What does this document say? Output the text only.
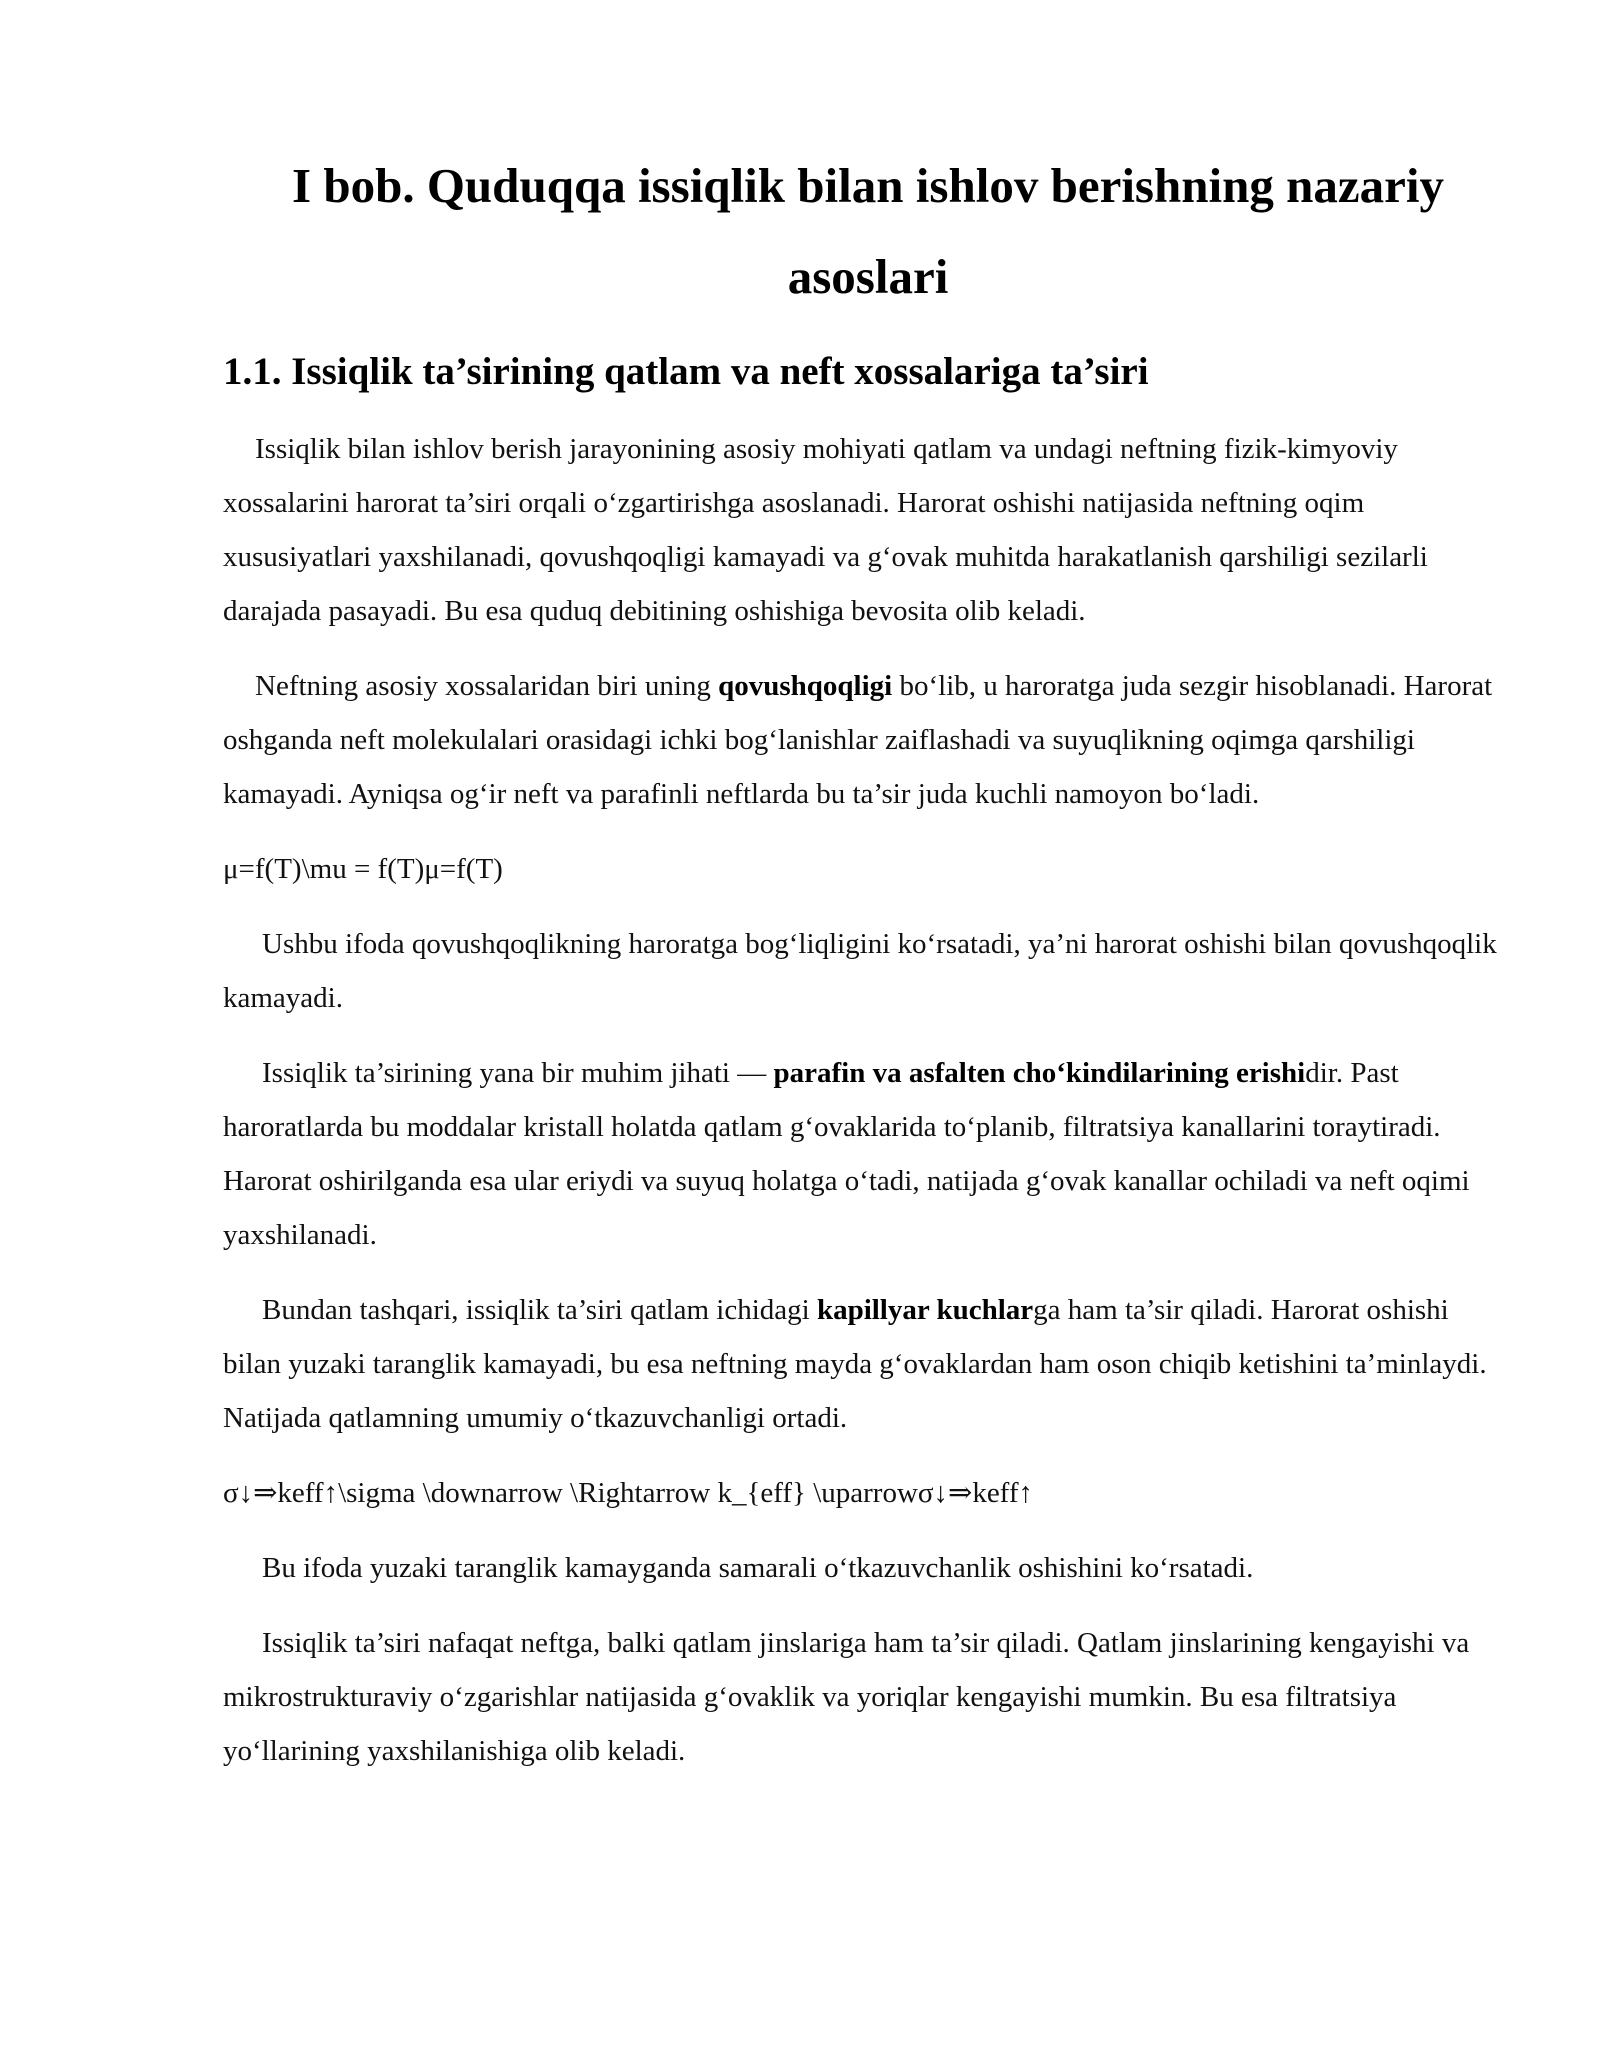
I bob. Quduqqa issiqlik bilan ishlov berishning nazariy asoslari
1.1. Issiqlik ta’sirining qatlam va neft xossalariga ta’siri

Issiqlik bilan ishlov berish jarayonining asosiy mohiyati qatlam va undagi neftning fizik-kimyoviy xossalarini harorat ta’siri orqali o‘zgartirishga asoslanadi. Harorat oshishi natijasida neftning oqim xususiyatlari yaxshilanadi, qovushqoqligi kamayadi va g‘ovak muhitda harakatlanish qarshiligi sezilarli darajada pasayadi. Bu esa quduq debitining oshishiga bevosita olib keladi.

Neftning asosiy xossalaridan biri uning qovushqoqligi bo‘lib, u haroratga juda sezgir hisoblanadi. Harorat oshganda neft molekulalari orasidagi ichki bog‘lanishlar zaiflashadi va suyuqlikning oqimga qarshiligi kamayadi. Ayniqsa og‘ir neft va parafinli neftlarda bu ta’sir juda kuchli namoyon bo‘ladi.

μ=f(T)\mu = f(T)μ=f(T)

Ushbu ifoda qovushqoqlikning haroratga bog‘liqligini ko‘rsatadi, ya’ni harorat oshishi bilan qovushqoqlik kamayadi.

Issiqlik ta’sirining yana bir muhim jihati — parafin va asfalten cho‘kindilarining erishidir. Past haroratlarda bu moddalar kristall holatda qatlam g‘ovaklarida to‘planib, filtratsiya kanallarini toraytiradi. Harorat oshirilganda esa ular eriydi va suyuq holatga o‘tadi, natijada g‘ovak kanallar ochiladi va neft oqimi yaxshilanadi.

Bundan tashqari, issiqlik ta’siri qatlam ichidagi kapillyar kuchlarga ham ta’sir qiladi. Harorat oshishi bilan yuzaki taranglik kamayadi, bu esa neftning mayda g‘ovaklardan ham oson chiqib ketishini ta’minlaydi. Natijada qatlamning umumiy o‘tkazuvchanligi ortadi.

σ↓⇒keff↑\sigma \downarrow \Rightarrow k_{eff} \uparrowσ↓⇒keff↑

Bu ifoda yuzaki taranglik kamayganda samarali o‘tkazuvchanlik oshishini ko‘rsatadi.

Issiqlik ta’siri nafaqat neftga, balki qatlam jinslariga ham ta’sir qiladi. Qatlam jinslarining kengayishi va mikrostrukturaviy o‘zgarishlar natijasida g‘ovaklik va yoriqlar kengayishi mumkin. Bu esa filtratsiya yo‘llarining yaxshilanishiga olib keladi.
